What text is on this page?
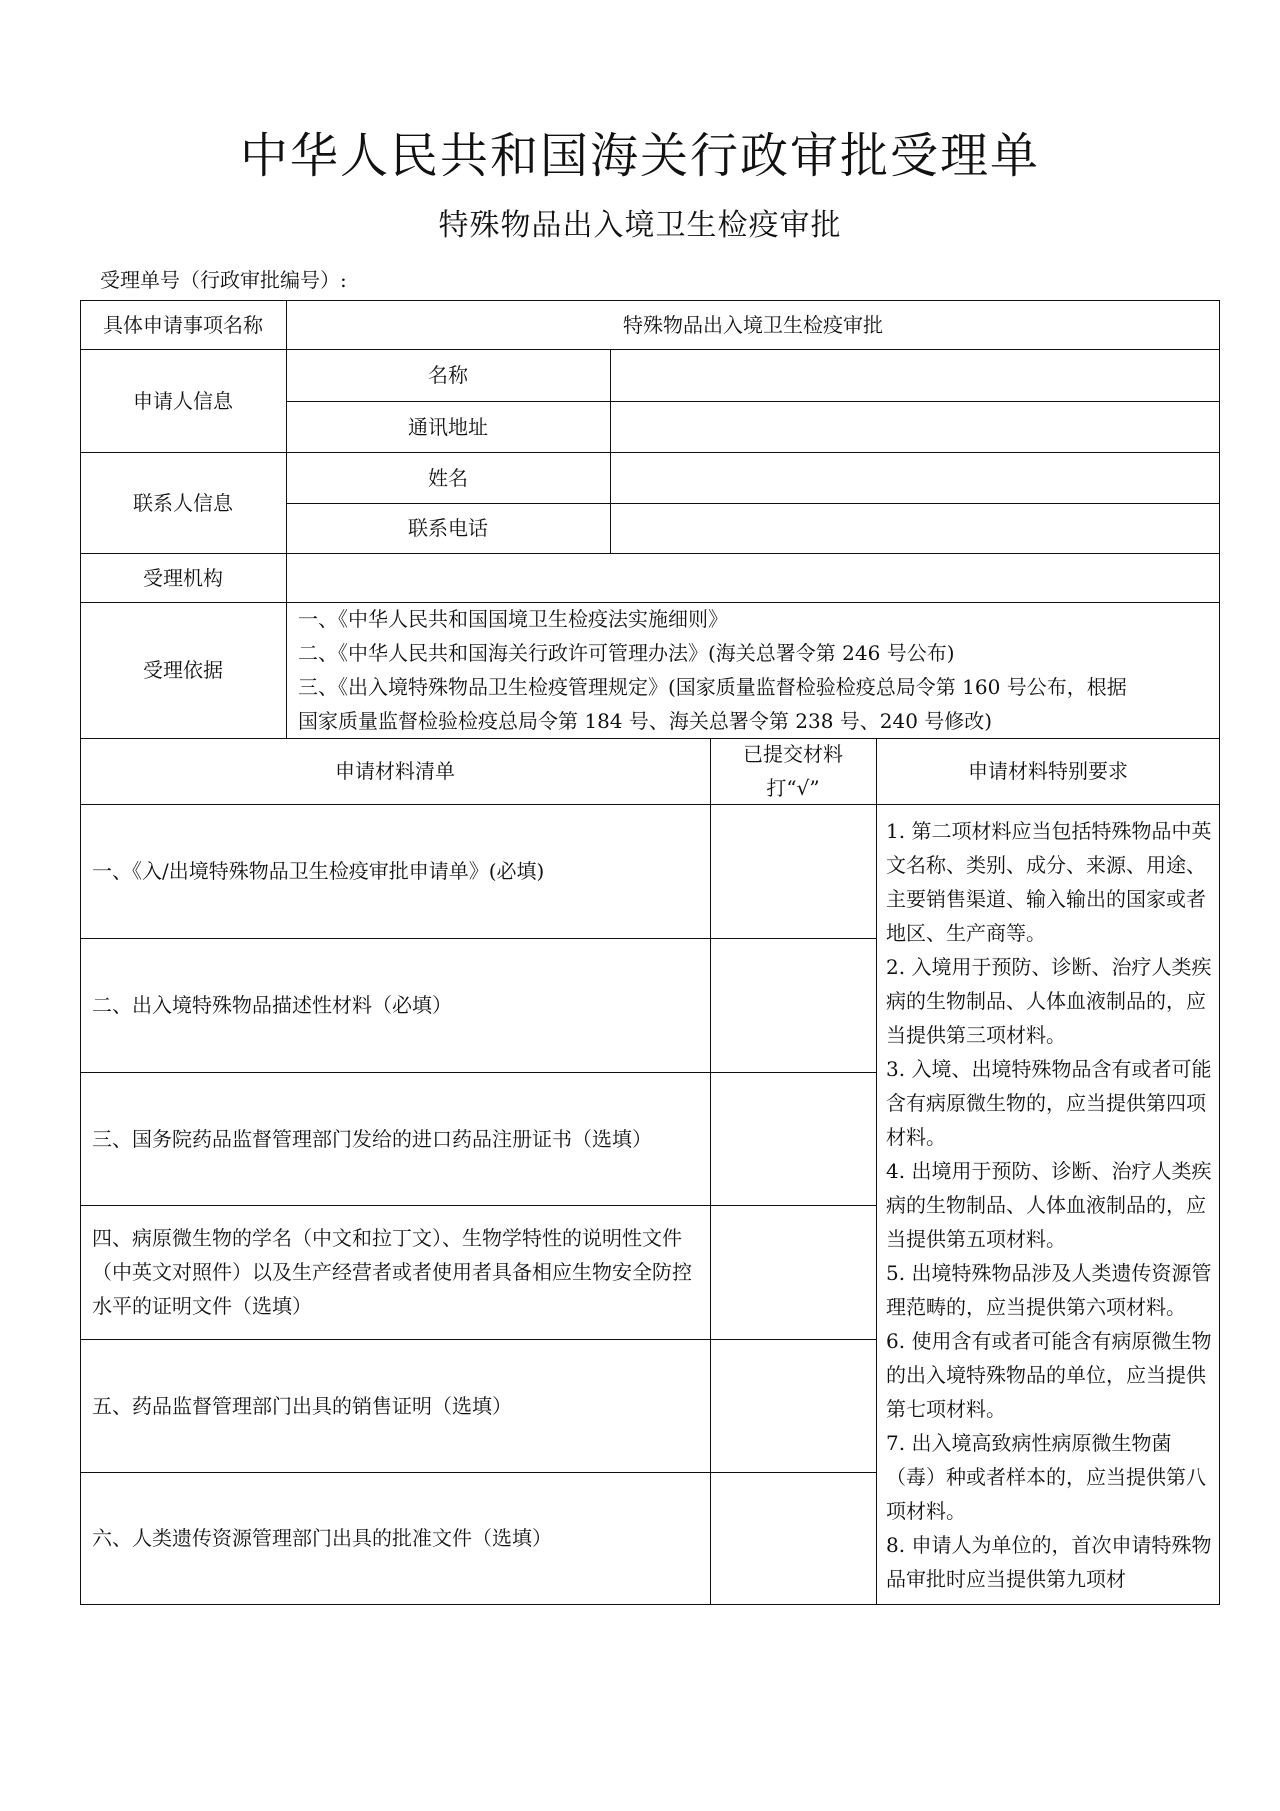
中华人民共和国海关行政审批受理单
特殊物品出入境卫生检疫审批
受理单号（行政审批编号）:
具体申请事项名称	特殊物品出入境卫生检疫审批
申请人信息
名称
通讯地址
联系人信息
姓名
联系电话
受理机构
受理依据
一、《中华人民共和国国境卫生检疫法实施细则》
二、《中华人民共和国海关行政许可管理办法》(海关总署令第 246 号公布)
三、《出入境特殊物品卫生检疫管理规定》(国家质量监督检验检疫总局令第 160 号公布，根据
国家质量监督检验检疫总局令第 184 号、海关总署令第 238 号、240 号修改)
申请材料清单
已提交材料
打“√”
申请材料特别要求
一、《入/出境特殊物品卫生检疫审批申请单》(必填)
二、出入境特殊物品描述性材料（必填）
三、国务院药品监督管理部门发给的进口药品注册证书（选填）
四、病原微生物的学名（中文和拉丁文）、生物学特性的说明性文件（中英文对照件）以及生产经营者或者使用者具备相应生物安全防控水平的证明文件（选填）
五、药品监督管理部门出具的销售证明（选填）
六、人类遗传资源管理部门出具的批准文件（选填）

1. 第二项材料应当包括特殊物品中英文名称、类别、成分、来源、用途、主要销售渠道、输入输出的国家或者地区、生产商等。

2. 入境用于预防、诊断、治疗人类疾病的生物制品、人体血液制品的，应当提供第三项材料。

3. 入境、出境特殊物品含有或者可能含有病原微生物的，应当提供第四项材料。

4. 出境用于预防、诊断、治疗人类疾病的生物制品、人体血液制品的，应当提供第五项材料。

5. 出境特殊物品涉及人类遗传资源管理范畴的，应当提供第六项材料。

6. 使用含有或者可能含有病原微生物的出入境特殊物品的单位，应当提供第七项材料。

7. 出入境高致病性病原微生物菌（毒）种或者样本的，应当提供第八项材料。

8. 申请人为单位的，首次申请特殊物品审批时应当提供第九项材
